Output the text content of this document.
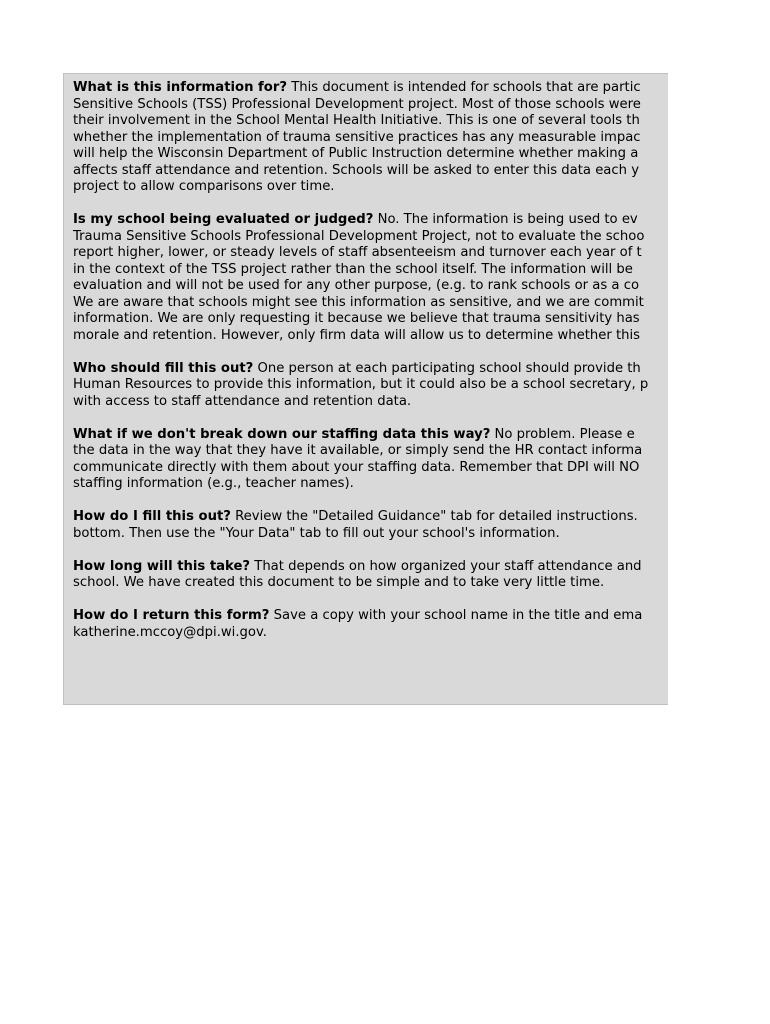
What is this information for? This document is intended for schools that are partic
Sensitive Schools (TSS) Professional Development project. Most of those schools were
their involvement in the School Mental Health Initiative. This is one of several tools th
whether the implementation of trauma sensitive practices has any measurable impac
will help the Wisconsin Department of Public Instruction determine whether making a
affects staff attendance and retention. Schools will be asked to enter this data each y
project to allow comparisons over time.
Is my school being evaluated or judged? No. The information is being used to ev
Trauma Sensitive Schools Professional Development Project, not to evaluate the schoo
report higher, lower, or steady levels of staff absenteeism and turnover each year of t
in the context of the TSS project rather than the school itself. The information will be
evaluation and will not be used for any other purpose, (e.g. to rank schools or as a co
We are aware that schools might see this information as sensitive, and we are commit
information. We are only requesting it because we believe that trauma sensitivity has
morale and retention. However, only firm data will allow us to determine whether this
Who should fill this out? One person at each participating school should provide th
Human Resources to provide this information, but it could also be a school secretary, p
with access to staff attendance and retention data.
What if we don't break down our staffing data this way? No problem. Please e
the data in the way that they have it available, or simply send the HR contact informa
communicate directly with them about your staffing data. Remember that DPI will NO
staffing information (e.g., teacher names).
How do I fill this out? Review the "Detailed Guidance" tab for detailed instructions.
bottom. Then use the "Your Data" tab to fill out your school's information.
How long will this take? That depends on how organized your staff attendance and
school. We have created this document to be simple and to take very little time.
How do I return this form? Save a copy with your school name in the title and ema
katherine.mccoy@dpi.wi.gov.
